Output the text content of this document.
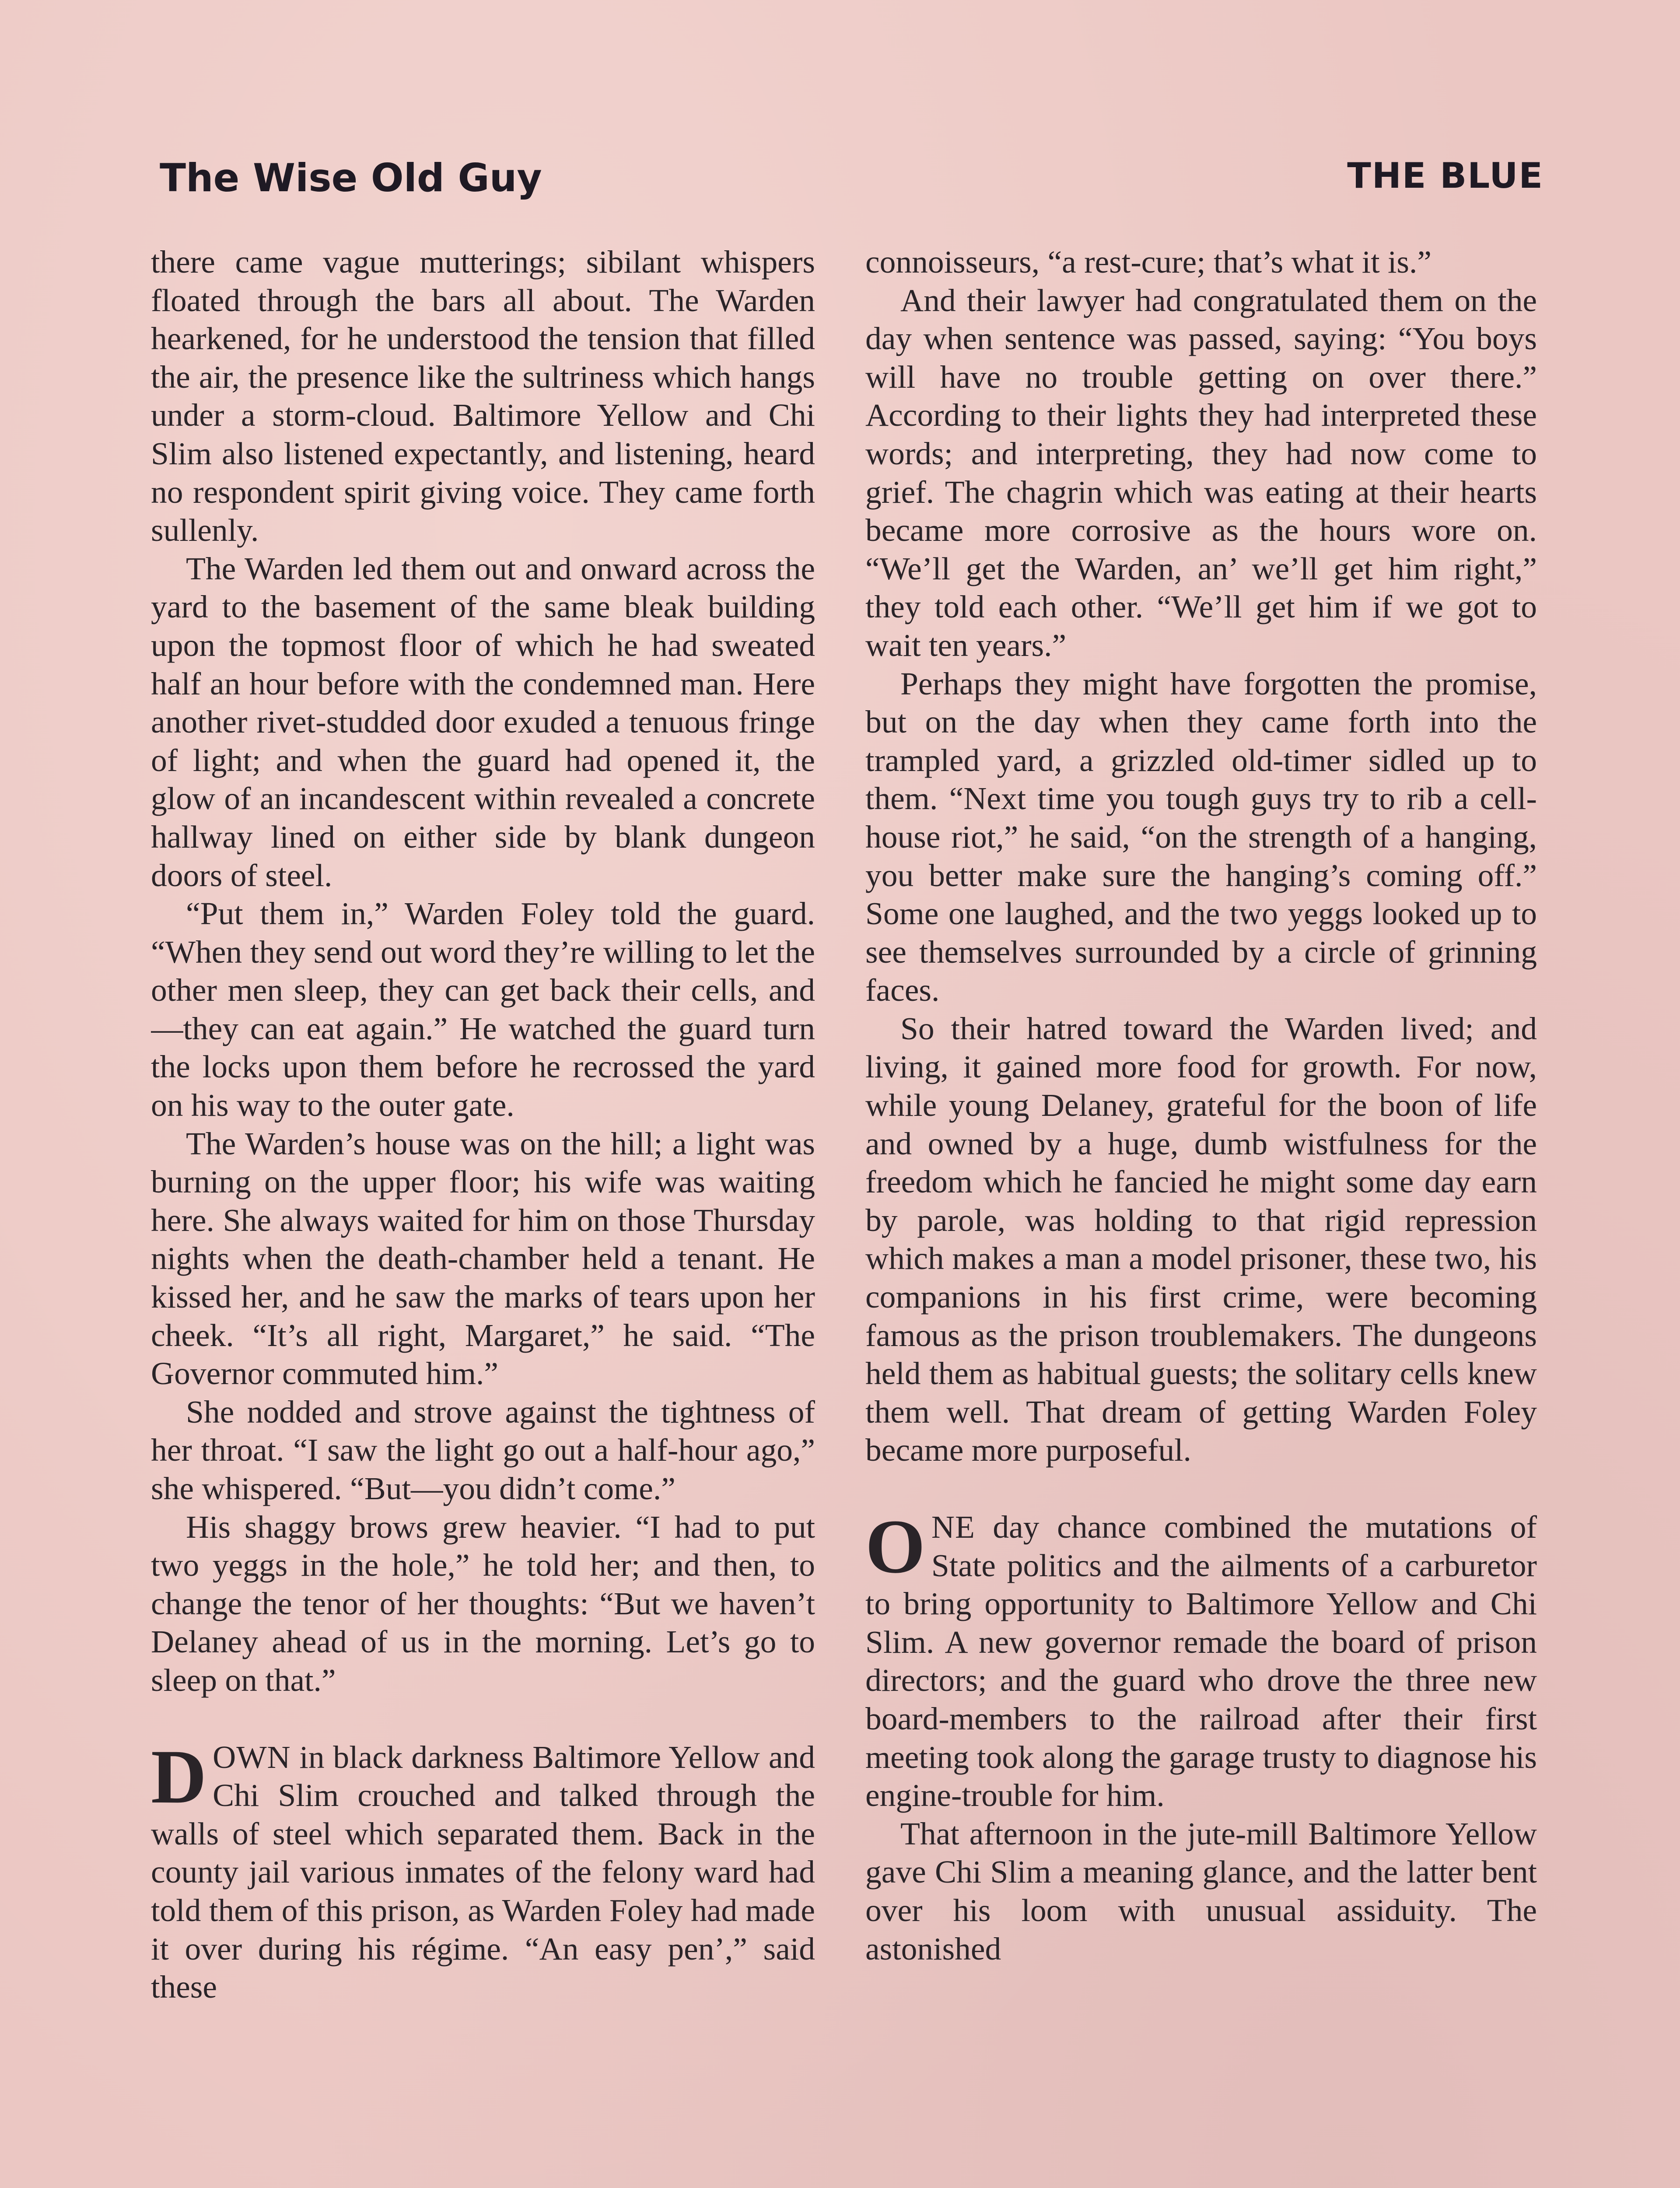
The Wise Old Guy	THE BLUE

there came vague mutterings; sibilant whispers floated through the bars all about. The Warden hearkened, for he understood the tension that filled the air, the presence like the sultriness which hangs under a storm-cloud. Baltimore Yellow and Chi Slim also listened expectantly, and listening, heard no respondent spirit giving voice. They came forth sullenly.

The Warden led them out and onward across the yard to the basement of the same bleak building upon the topmost floor of which he had sweated half an hour before with the condemned man. Here another rivet-studded door exuded a tenuous fringe of light; and when the guard had opened it, the glow of an incandescent within revealed a concrete hallway lined on either side by blank dungeon doors of steel.

“Put them in,” Warden Foley told the guard. “When they send out word they’re willing to let the other men sleep, they can get back their cells, and —they can eat again.” He watched the guard turn the locks upon them before he recrossed the yard on his way to the outer gate.

The Warden’s house was on the hill; a light was burning on the upper floor; his wife was waiting here. She always waited for him on those Thursday nights when the death-chamber held a tenant. He kissed her, and he saw the marks of tears upon her cheek. “It’s all right, Margaret,” he said. “The Governor commuted him.”

She nodded and strove against the tightness of her throat. “I saw the light go out a half-hour ago,” she whispered. “But—you didn’t come.”

His shaggy brows grew heavier. “I had to put two yeggs in the hole,” he told her; and then, to change the tenor of her thoughts: “But we haven’t Delaney ahead of us in the morning. Let’s go to sleep on that.”

DOWN in black darkness Baltimore Yellow and Chi Slim crouched and talked through the walls of steel which separated them. Back in the county jail various inmates of the felony ward had told them of this prison, as Warden Foley had made it over during his régime. “An easy pen’,” said these

connoisseurs, “a rest-cure; that’s what it is.”

And their lawyer had congratulated them on the day when sentence was passed, saying: “You boys will have no trouble getting on over there.” According to their lights they had interpreted these words; and interpreting, they had now come to grief. The chagrin which was eating at their hearts became more corrosive as the hours wore on. “We’ll get the Warden, an’ we’ll get him right,” they told each other. “We’ll get him if we got to wait ten years.”

Perhaps they might have forgotten the promise, but on the day when they came forth into the trampled yard, a grizzled old-timer sidled up to them. “Next time you tough guys try to rib a cell-house riot,” he said, “on the strength of a hanging, you better make sure the hanging’s coming off.” Some one laughed, and the two yeggs looked up to see themselves surrounded by a circle of grinning faces.

So their hatred toward the Warden lived; and living, it gained more food for growth. For now, while young Delaney, grateful for the boon of life and owned by a huge, dumb wistfulness for the freedom which he fancied he might some day earn by parole, was holding to that rigid repression which makes a man a model prisoner, these two, his companions in his first crime, were becoming famous as the prison troublemakers. The dungeons held them as habitual guests; the solitary cells knew them well. That dream of getting Warden Foley became more purposeful.

ONE day chance combined the mutations of State politics and the ailments of a carburetor to bring opportunity to Baltimore Yellow and Chi Slim. A new governor remade the board of prison directors; and the guard who drove the three new board-members to the railroad after their first meeting took along the garage trusty to diagnose his engine-trouble for him.

That afternoon in the jute-mill Baltimore Yellow gave Chi Slim a meaning glance, and the latter bent over his loom with unusual assiduity. The astonished
